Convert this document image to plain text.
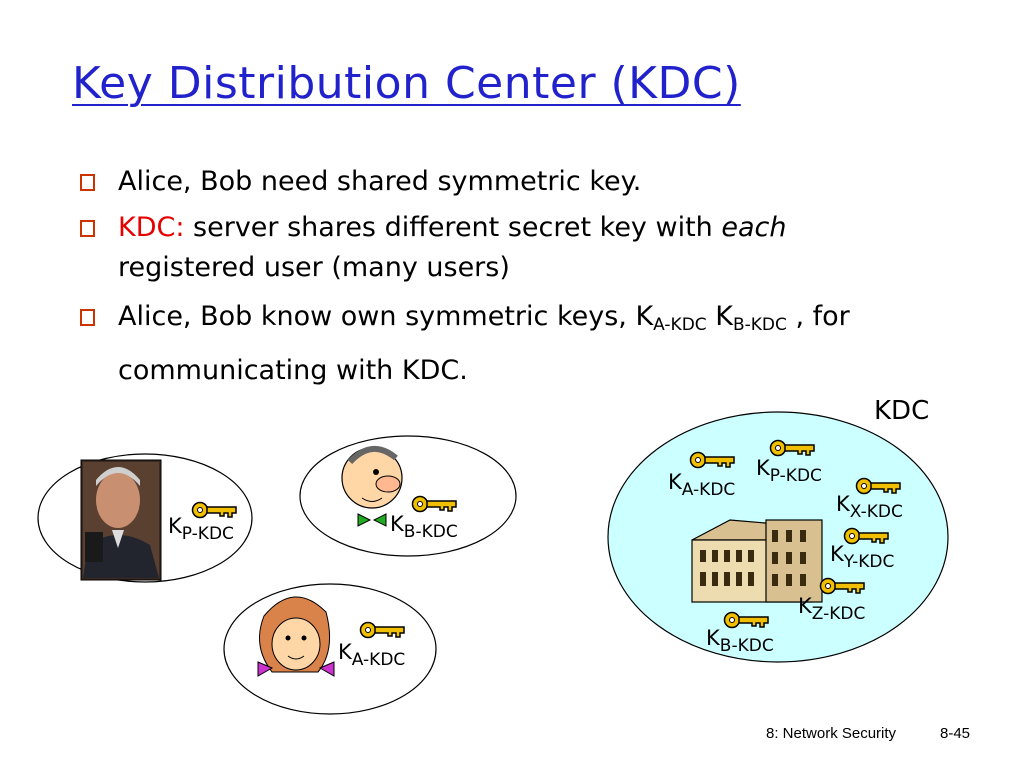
Key Distribution Center (KDC)
Alice, Bob need shared symmetric key.
KDC: server shares different secret key with each
registered user (many users)
Alice, Bob know own symmetric keys, $K_{A-KDC}$ $K_{B-KDC}$ , for communicating with KDC.
$K_{P-KDC}$	$K_{B-KDC}$
$K_{A-KDC}$
KDC
$K_{A-KDC}$
$K_{P-KDC}$
$K_{X-KDC}$
$K_{Y-KDC}$
$K_{Z-KDC}$
$K_{B-KDC}$
8: Network Security	8-45
